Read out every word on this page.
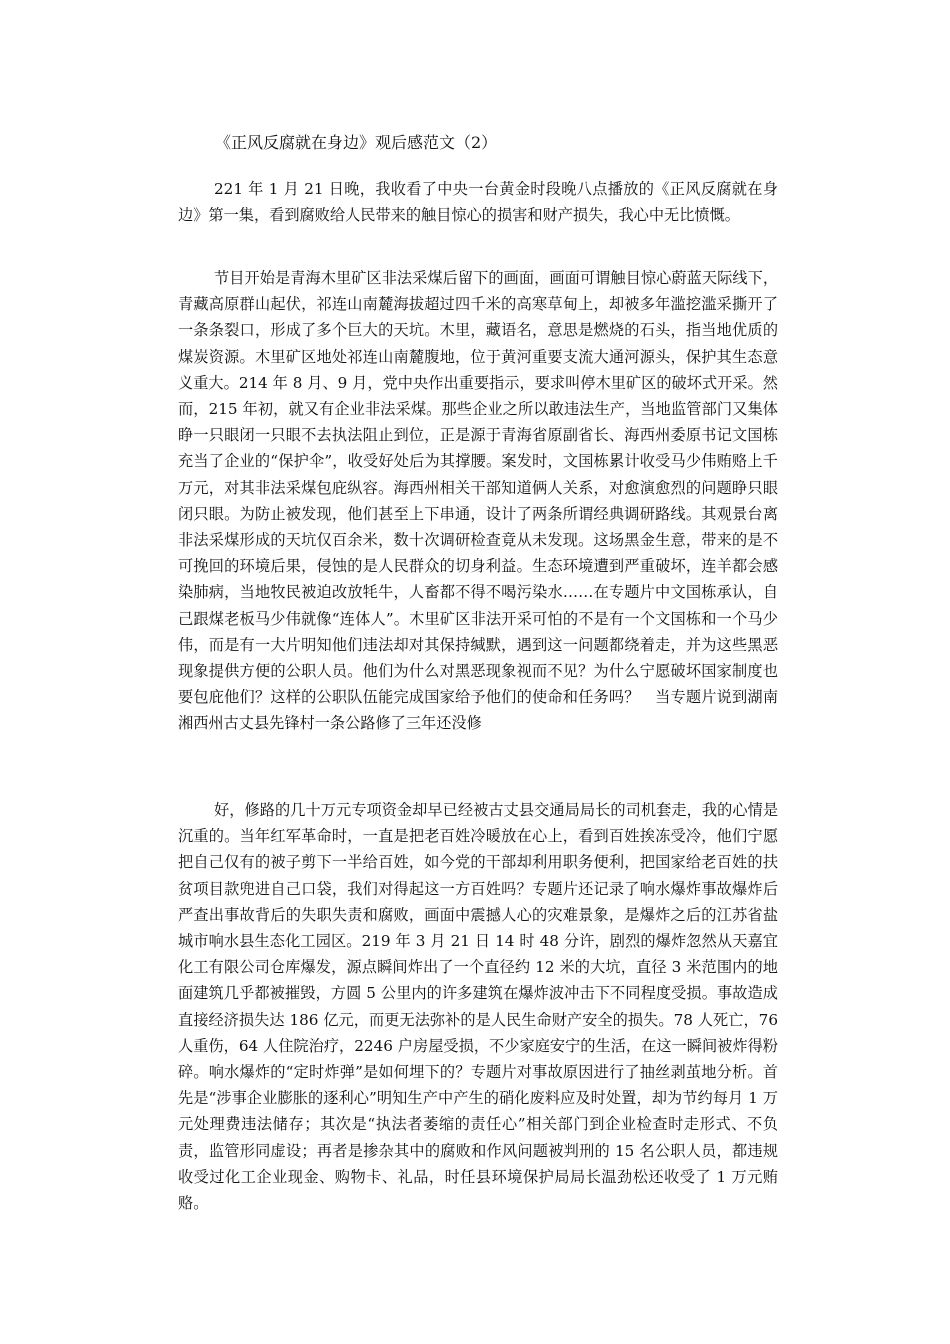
《正风反腐就在身边》观后感范文（2）

221 年 1 月 21 日晚，我收看了中央一台黄金时段晚八点播放的《正风反腐就在身边》第一集，看到腐败给人民带来的触目惊心的损害和财产损失，我心中无比愤慨。

节目开始是青海木里矿区非法采煤后留下的画面，画面可谓触目惊心蔚蓝天际线下，青藏高原群山起伏，祁连山南麓海拔超过四千米的高寒草甸上，却被多年滥挖滥采撕开了一条条裂口，形成了多个巨大的天坑。木里，藏语名，意思是燃烧的石头，指当地优质的煤炭资源。木里矿区地处祁连山南麓腹地，位于黄河重要支流大通河源头，保护其生态意义重大。214 年 8 月、9 月，党中央作出重要指示，要求叫停木里矿区的破坏式开采。然而，215 年初，就又有企业非法采煤。那些企业之所以敢违法生产，当地监管部门又集体睁一只眼闭一只眼不去执法阻止到位，正是源于青海省原副省长、海西州委原书记文国栋充当了企业的“保护伞”，收受好处后为其撑腰。案发时，文国栋累计收受马少伟贿赂上千万元，对其非法采煤包庇纵容。海西州相关干部知道俩人关系，对愈演愈烈的问题睁只眼闭只眼。为防止被发现，他们甚至上下串通，设计了两条所谓经典调研路线。其观景台离非法采煤形成的天坑仅百余米，数十次调研检查竟从未发现。这场黑金生意，带来的是不可挽回的环境后果，侵蚀的是人民群众的切身利益。生态环境遭到严重破坏，连羊都会感染肺病，当地牧民被迫改放牦牛，人畜都不得不喝污染水……在专题片中文国栋承认，自己跟煤老板马少伟就像“连体人”。木里矿区非法开采可怕的不是有一个文国栋和一个马少伟，而是有一大片明知他们违法却对其保持缄默，遇到这一问题都绕着走，并为这些黑恶现象提供方便的公职人员。他们为什么对黑恶现象视而不见？为什么宁愿破坏国家制度也要包庇他们？这样的公职队伍能完成国家给予他们的使命和任务吗？　当专题片说到湖南湘西州古丈县先锋村一条公路修了三年还没修

好，修路的几十万元专项资金却早已经被古丈县交通局局长的司机套走，我的心情是沉重的。当年红军革命时，一直是把老百姓冷暖放在心上，看到百姓挨冻受冷，他们宁愿把自己仅有的被子剪下一半给百姓，如今党的干部却利用职务便利，把国家给老百姓的扶贫项目款兜进自己口袋，我们对得起这一方百姓吗？专题片还记录了响水爆炸事故爆炸后严查出事故背后的失职失责和腐败，画面中震撼人心的灾难景象，是爆炸之后的江苏省盐城市响水县生态化工园区。219 年 3 月 21 日 14 时 48 分许，剧烈的爆炸忽然从天嘉宜化工有限公司仓库爆发，源点瞬间炸出了一个直径约 12 米的大坑，直径 3 米范围内的地面建筑几乎都被摧毁，方圆 5 公里内的许多建筑在爆炸波冲击下不同程度受损。事故造成直接经济损失达 186 亿元，而更无法弥补的是人民生命财产安全的损失。78 人死亡，76 人重伤，64 人住院治疗，2246 户房屋受损，不少家庭安宁的生活，在这一瞬间被炸得粉碎。响水爆炸的“定时炸弹”是如何埋下的？专题片对事故原因进行了抽丝剥茧地分析。首先是“涉事企业膨胀的逐利心”明知生产中产生的硝化废料应及时处置，却为节约每月 1 万元处理费违法储存；其次是“执法者萎缩的责任心”相关部门到企业检查时走形式、不负责，监管形同虚设；再者是掺杂其中的腐败和作风问题被判刑的 15 名公职人员，都违规收受过化工企业现金、购物卡、礼品，时任县环境保护局局长温劲松还收受了 1 万元贿赂。
